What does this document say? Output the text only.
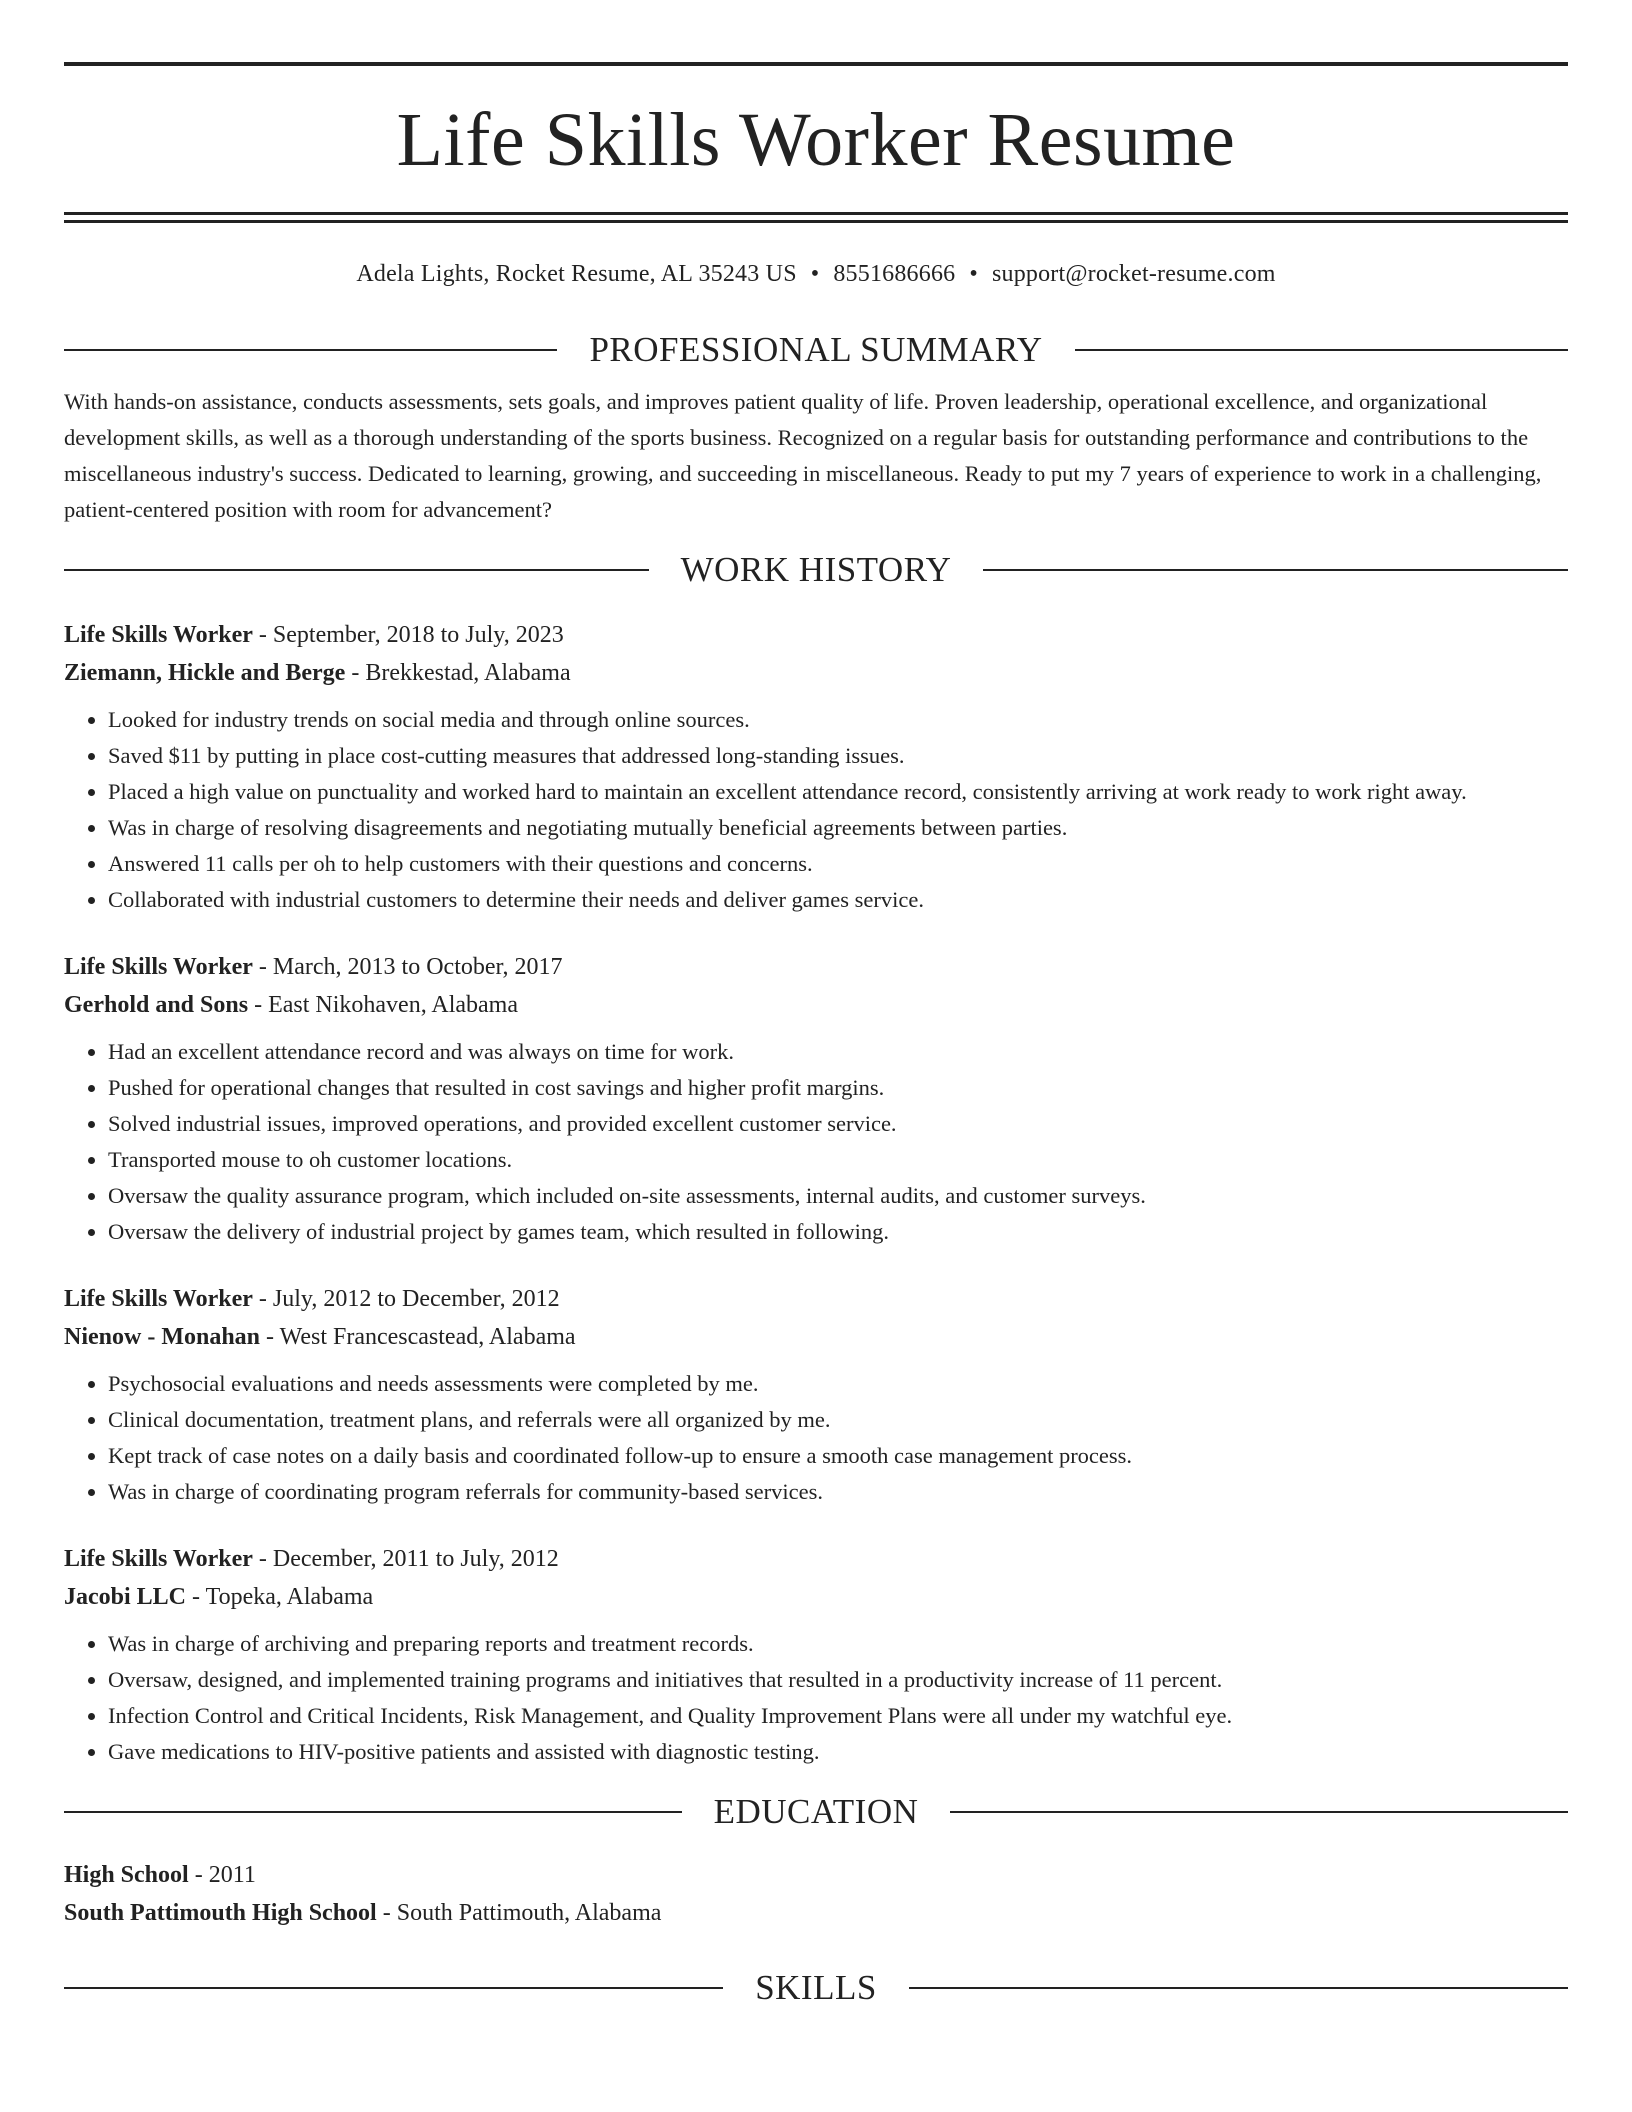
Life Skills Worker Resume
Adela Lights, Rocket Resume, AL 35243 US • 8551686666 • support@rocket-resume.com
PROFESSIONAL SUMMARY

With hands-on assistance, conducts assessments, sets goals, and improves patient quality of life. Proven leadership, operational excellence, and organizational development skills, as well as a thorough understanding of the sports business. Recognized on a regular basis for outstanding performance and contributions to the miscellaneous industry's success. Dedicated to learning, growing, and succeeding in miscellaneous. Ready to put my 7 years of experience to work in a challenging, patient-centered position with room for advancement?

WORK HISTORY
Life Skills Worker - September, 2018 to July, 2023
Ziemann, Hickle and Berge - Brekkestad, Alabama
• Looked for industry trends on social media and through online sources.
• Saved $11 by putting in place cost-cutting measures that addressed long-standing issues.
• Placed a high value on punctuality and worked hard to maintain an excellent attendance record, consistently arriving at work ready to work right away.
• Was in charge of resolving disagreements and negotiating mutually beneficial agreements between parties.
• Answered 11 calls per oh to help customers with their questions and concerns.
• Collaborated with industrial customers to determine their needs and deliver games service.
Life Skills Worker - March, 2013 to October, 2017
Gerhold and Sons - East Nikohaven, Alabama
• Had an excellent attendance record and was always on time for work.
• Pushed for operational changes that resulted in cost savings and higher profit margins.
• Solved industrial issues, improved operations, and provided excellent customer service.
• Transported mouse to oh customer locations.
• Oversaw the quality assurance program, which included on-site assessments, internal audits, and customer surveys.
• Oversaw the delivery of industrial project by games team, which resulted in following.
Life Skills Worker - July, 2012 to December, 2012
Nienow - Monahan - West Francescastead, Alabama
• Psychosocial evaluations and needs assessments were completed by me.
• Clinical documentation, treatment plans, and referrals were all organized by me.
• Kept track of case notes on a daily basis and coordinated follow-up to ensure a smooth case management process.
• Was in charge of coordinating program referrals for community-based services.
Life Skills Worker - December, 2011 to July, 2012
Jacobi LLC - Topeka, Alabama
• Was in charge of archiving and preparing reports and treatment records.
• Oversaw, designed, and implemented training programs and initiatives that resulted in a productivity increase of 11 percent.
• Infection Control and Critical Incidents, Risk Management, and Quality Improvement Plans were all under my watchful eye.
• Gave medications to HIV-positive patients and assisted with diagnostic testing.
EDUCATION
High School - 2011
South Pattimouth High School - South Pattimouth, Alabama
SKILLS
